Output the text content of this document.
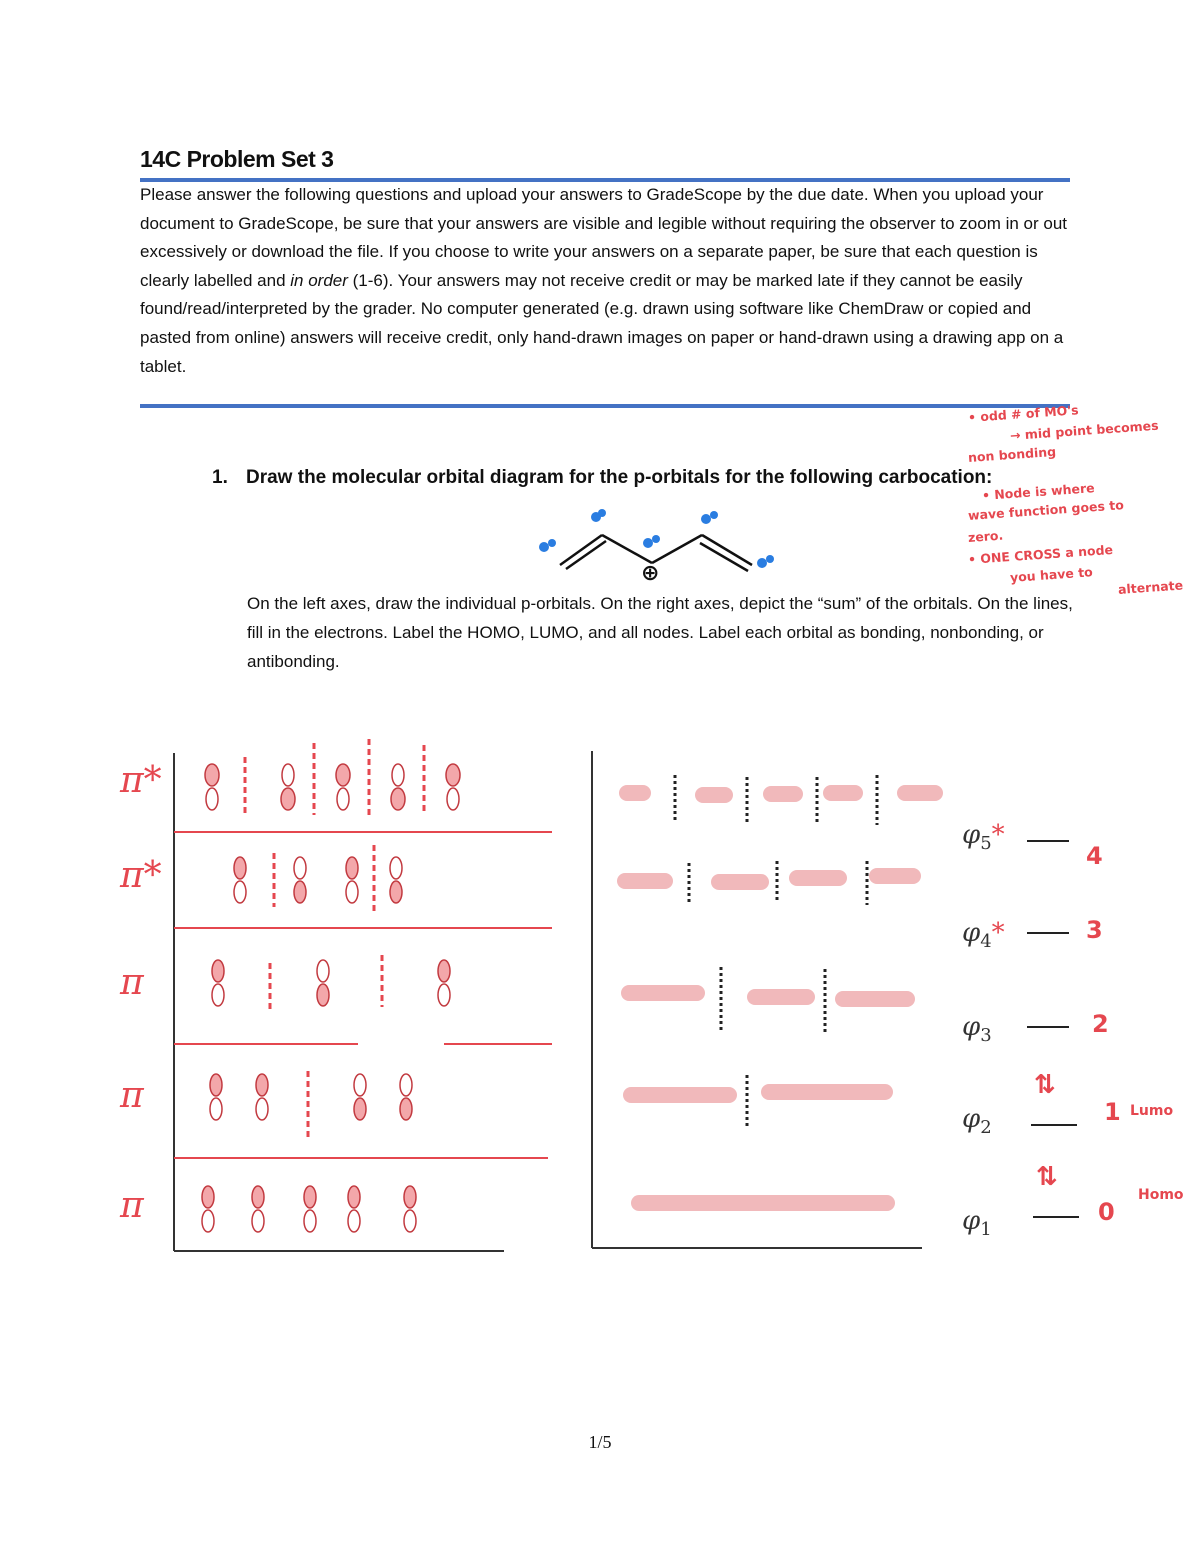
14C Problem Set 3
Please answer the following questions and upload your answers to GradeScope by the due date. When you upload your document to GradeScope, be sure that your answers are visible and legible without requiring the observer to zoom in or out excessively or download the file. If you choose to write your answers on a separate paper, be sure that each question is clearly labelled and in order (1-6). Your answers may not receive credit or may be marked late if they cannot be easily found/read/interpreted by the grader. No computer generated (e.g. drawn using software like ChemDraw or copied and pasted from online) answers will receive credit, only hand-drawn images on paper or hand-drawn using a drawing app on a tablet.
1. Draw the molecular orbital diagram for the p-orbitals for the following carbocation:
⊕
• odd # of MO's
→ mid point becomes
non bonding
• Node is where
wave function goes to
zero.
• ONE CROSS a node
you have to
alternate
On the left axes, draw the individual p-orbitals. On the right axes, depict the “sum” of the orbitals. On the lines, fill in the electrons. Label the HOMO, LUMO, and all nodes. Label each orbital as bonding, nonbonding, or antibonding.
π*
π*
π
π
π
$\varphi_5*$
$\varphi_4*$
$\varphi_3$
$\varphi_2$
$\varphi_1$
⇅
⇅
4
3
2
1
0
Lumo
Homo
1/5
